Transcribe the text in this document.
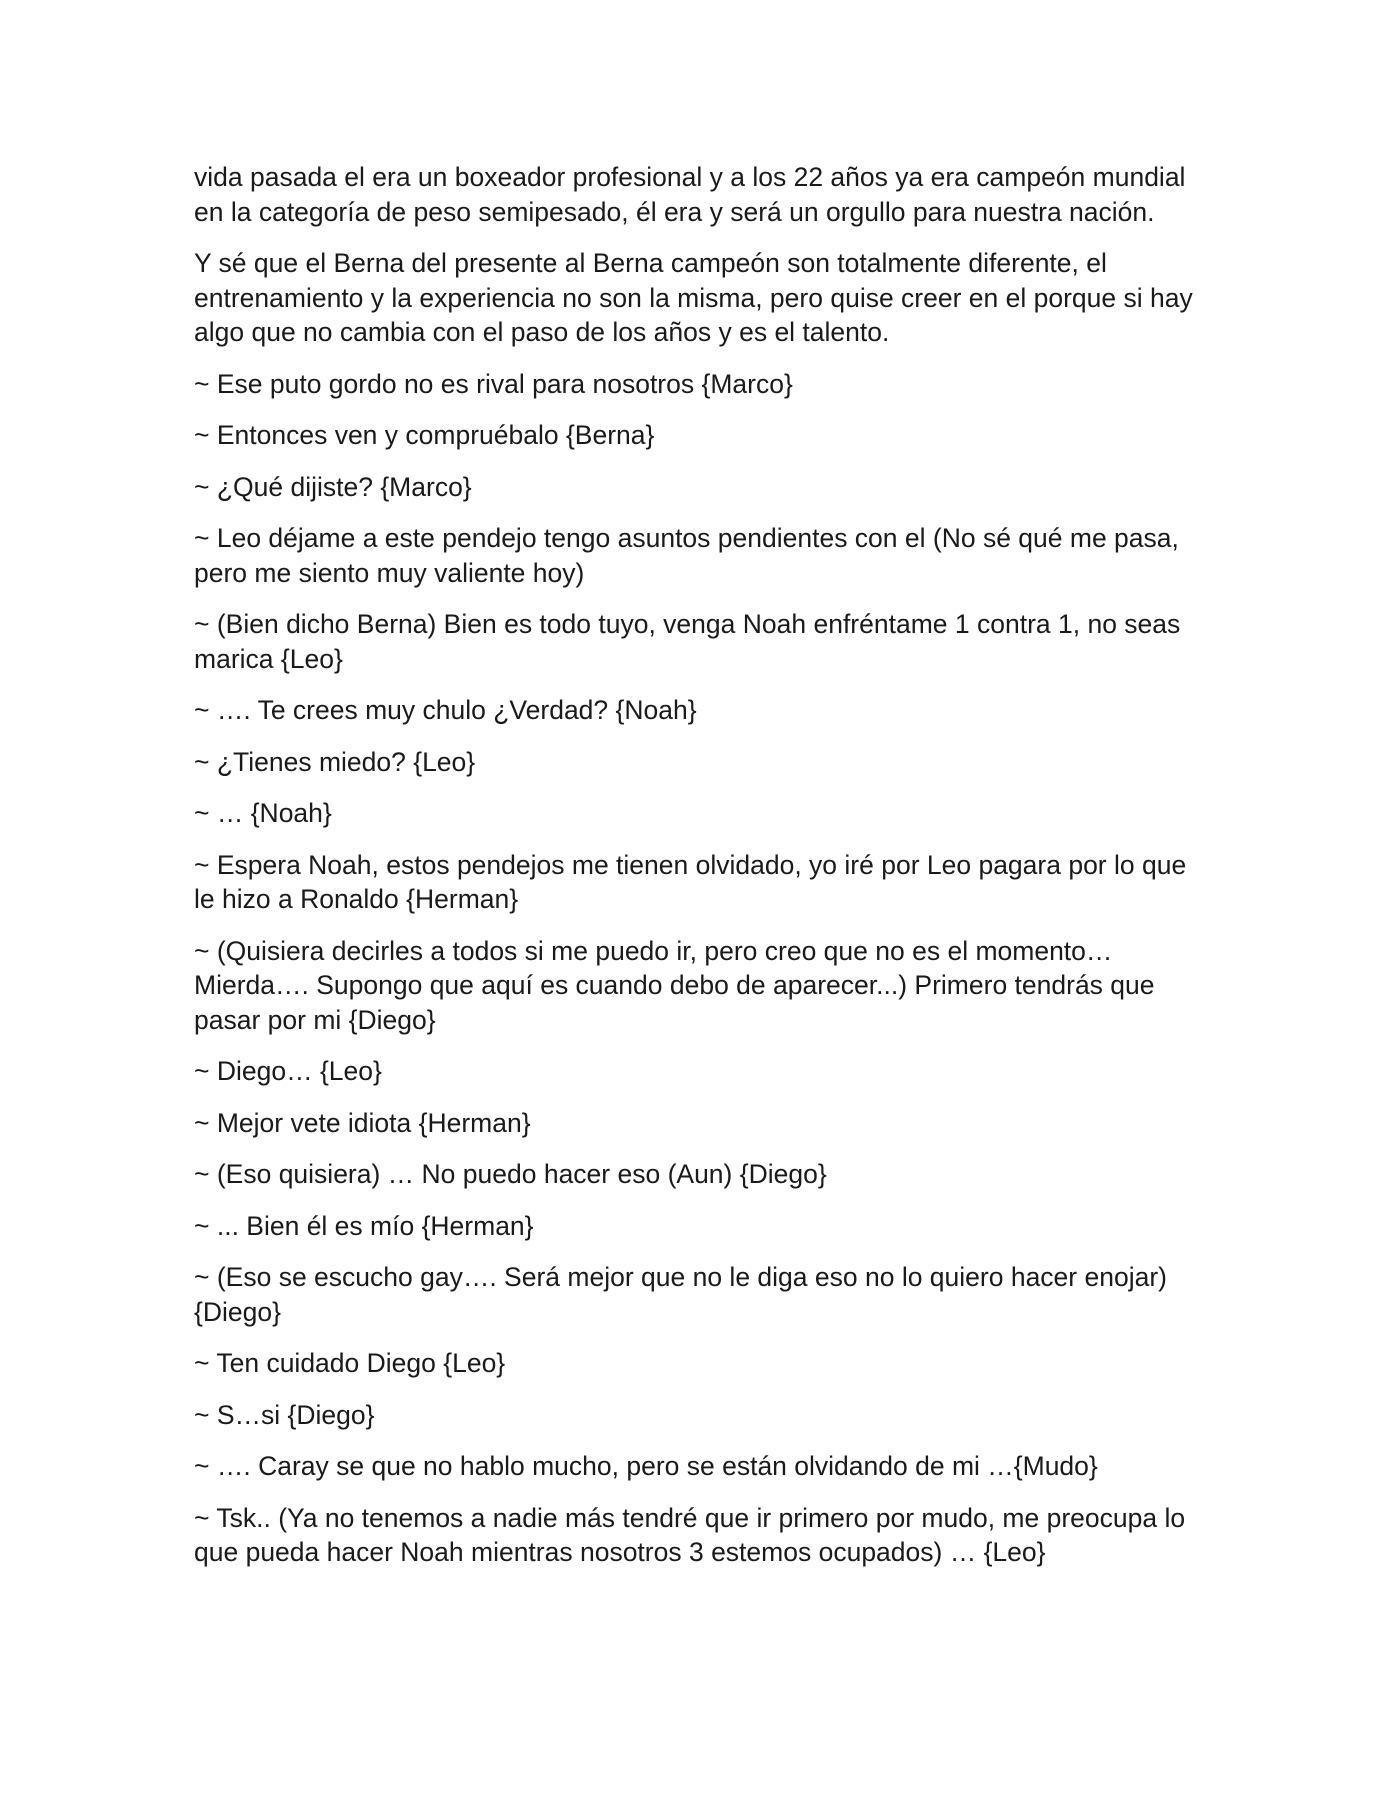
vida pasada el era un boxeador profesional y a los 22 años ya era campeón mundial en la categoría de peso semipesado, él era y será un orgullo para nuestra nación.

Y sé que el Berna del presente al Berna campeón son totalmente diferente, el entrenamiento y la experiencia no son la misma, pero quise creer en el porque si hay algo que no cambia con el paso de los años y es el talento.

~ Ese puto gordo no es rival para nosotros {Marco}

~ Entonces ven y compruébalo {Berna}

~ ¿Qué dijiste? {Marco}

~ Leo déjame a este pendejo tengo asuntos pendientes con el (No sé qué me pasa, pero me siento muy valiente hoy)

~ (Bien dicho Berna) Bien es todo tuyo, venga Noah enfréntame 1 contra 1, no seas marica {Leo}

~ …. Te crees muy chulo ¿Verdad? {Noah}

~ ¿Tienes miedo? {Leo}

~ … {Noah}

~ Espera Noah, estos pendejos me tienen olvidado, yo iré por Leo pagara por lo que le hizo a Ronaldo {Herman}

~ (Quisiera decirles a todos si me puedo ir, pero creo que no es el momento… Mierda…. Supongo que aquí es cuando debo de aparecer...) Primero tendrás que pasar por mi {Diego}

~ Diego… {Leo}

~ Mejor vete idiota {Herman}

~ (Eso quisiera) … No puedo hacer eso (Aun) {Diego}

~ ... Bien él es mío {Herman}

~ (Eso se escucho gay…. Será mejor que no le diga eso no lo quiero hacer enojar) {Diego}

~ Ten cuidado Diego {Leo}

~ S…si {Diego}

~ …. Caray se que no hablo mucho, pero se están olvidando de mi …{Mudo}

~ Tsk.. (Ya no tenemos a nadie más tendré que ir primero por mudo, me preocupa lo que pueda hacer Noah mientras nosotros 3 estemos ocupados) … {Leo}
